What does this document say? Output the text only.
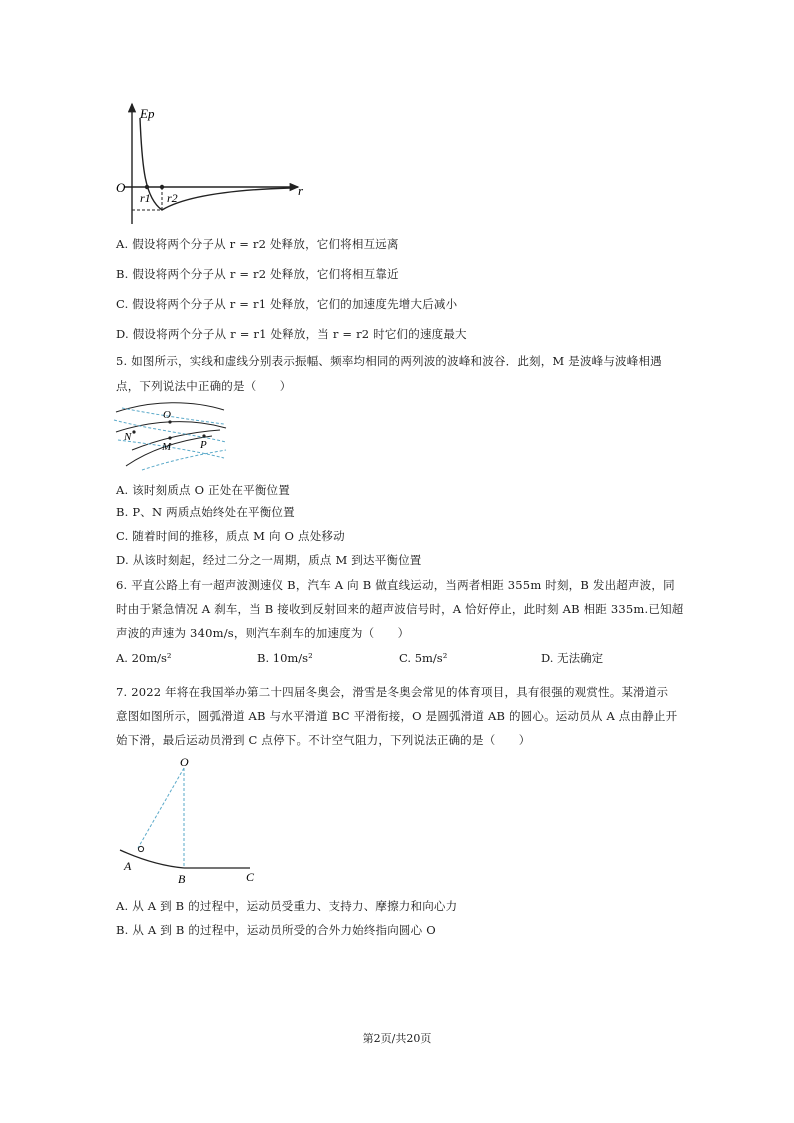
Ep
O	r
r1 r2
A. 假设将两个分子从 r = r2 处释放，它们将相互远离
B. 假设将两个分子从 r = r2 处释放，它们将相互靠近
C. 假设将两个分子从 r = r1 处释放，它们的加速度先增大后减小
D. 假设将两个分子从 r = r1 处释放，当 r = r2 时它们的速度最大
5. 如图所示，实线和虚线分别表示振幅、频率均相同的两列波的波峰和波谷．此刻，M 是波峰与波峰相遇
点，下列说法中正确的是（　　）
O
N
M	P
A. 该时刻质点 O 正处在平衡位置
B. P、N 两质点始终处在平衡位置
C. 随着时间的推移，质点 M 向 O 点处移动
D. 从该时刻起，经过二分之一周期，质点 M 到达平衡位置
6. 平直公路上有一超声波测速仪 B，汽车 A 向 B 做直线运动，当两者相距 355m 时刻，B 发出超声波，同
时由于紧急情况 A 刹车，当 B 接收到反射回来的超声波信号时，A 恰好停止，此时刻 AB 相距 335m.已知超
声波的声速为 340m/s，则汽车刹车的加速度为（　　）
A. 20m/s²	B. 10m/s²	C. 5m/s²	D. 无法确定
7. 2022 年将在我国举办第二十四届冬奥会，滑雪是冬奥会常见的体育项目，具有很强的观赏性。某滑道示
意图如图所示，圆弧滑道 AB 与水平滑道 BC 平滑衔接，O 是圆弧滑道 AB 的圆心。运动员从 A 点由静止开
始下滑，最后运动员滑到 C 点停下。不计空气阻力，下列说法正确的是（　　）
O
A
B	C
A. 从 A 到 B 的过程中，运动员受重力、支持力、摩擦力和向心力
B. 从 A 到 B 的过程中，运动员所受的合外力始终指向圆心 O
第2页/共20页
